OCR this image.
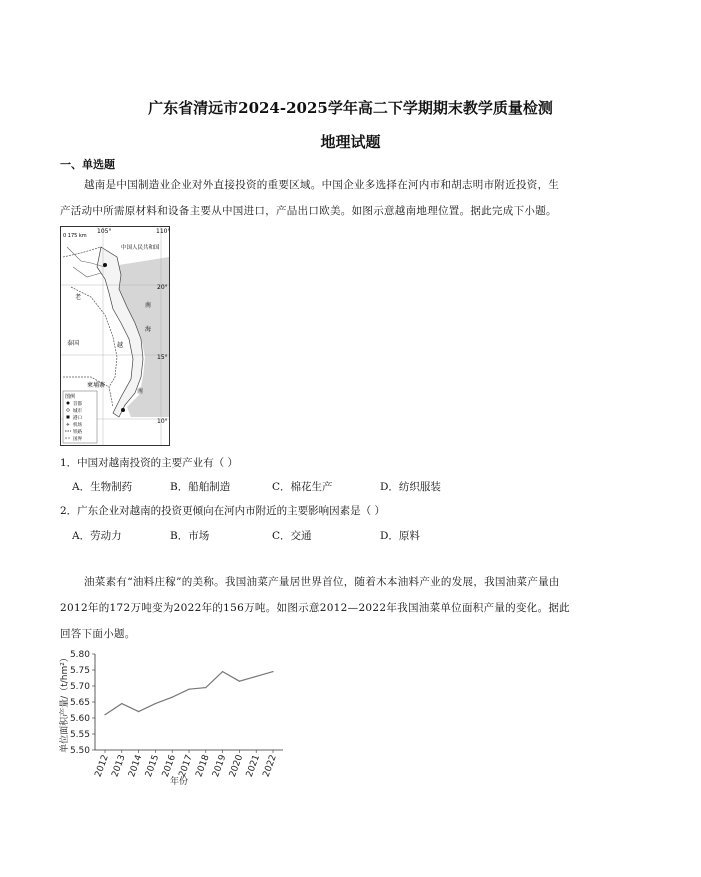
广东省清远市2024-2025学年高二下学期期末教学质量检测
地理试题
一、单选题
越南是中国制造业企业对外直接投资的重要区域。中国企业多选择在河内市和胡志明市附近投资，生
产活动中所需原材料和设备主要从中国进口，产品出口欧美。如图示意越南地理位置。据此完成下小题。
0 175 km
105°	110°
20°
15°
10°
中国人民共和国
老
泰国
柬埔寨
越
南
南
海
图例
首都
城市
港口
✈ 机场
铁路
国界
1．中国对越南投资的主要产业有（ ）
A．生物制药	B．船舶制造	C．棉花生产	D．纺织服装
2．广东企业对越南的投资更倾向在河内市附近的主要影响因素是（ ）
A．劳动力	B．市场	C．交通	D．原料
油菜素有“油料庄稼”的美称。我国油菜产量居世界首位，随着木本油料产业的发展，我国油菜产量由
2012年的172万吨变为2022年的156万吨。如图示意2012—2022年我国油菜单位面积产量的变化。据此
回答下面小题。
5.50
5.55
5.60
5.65
5.70
5.75
5.80
2012 2013 2014 2015 2016 2017 2018 2019 2020 2021 2022
单位面积产量/（t/hm²）
年份
